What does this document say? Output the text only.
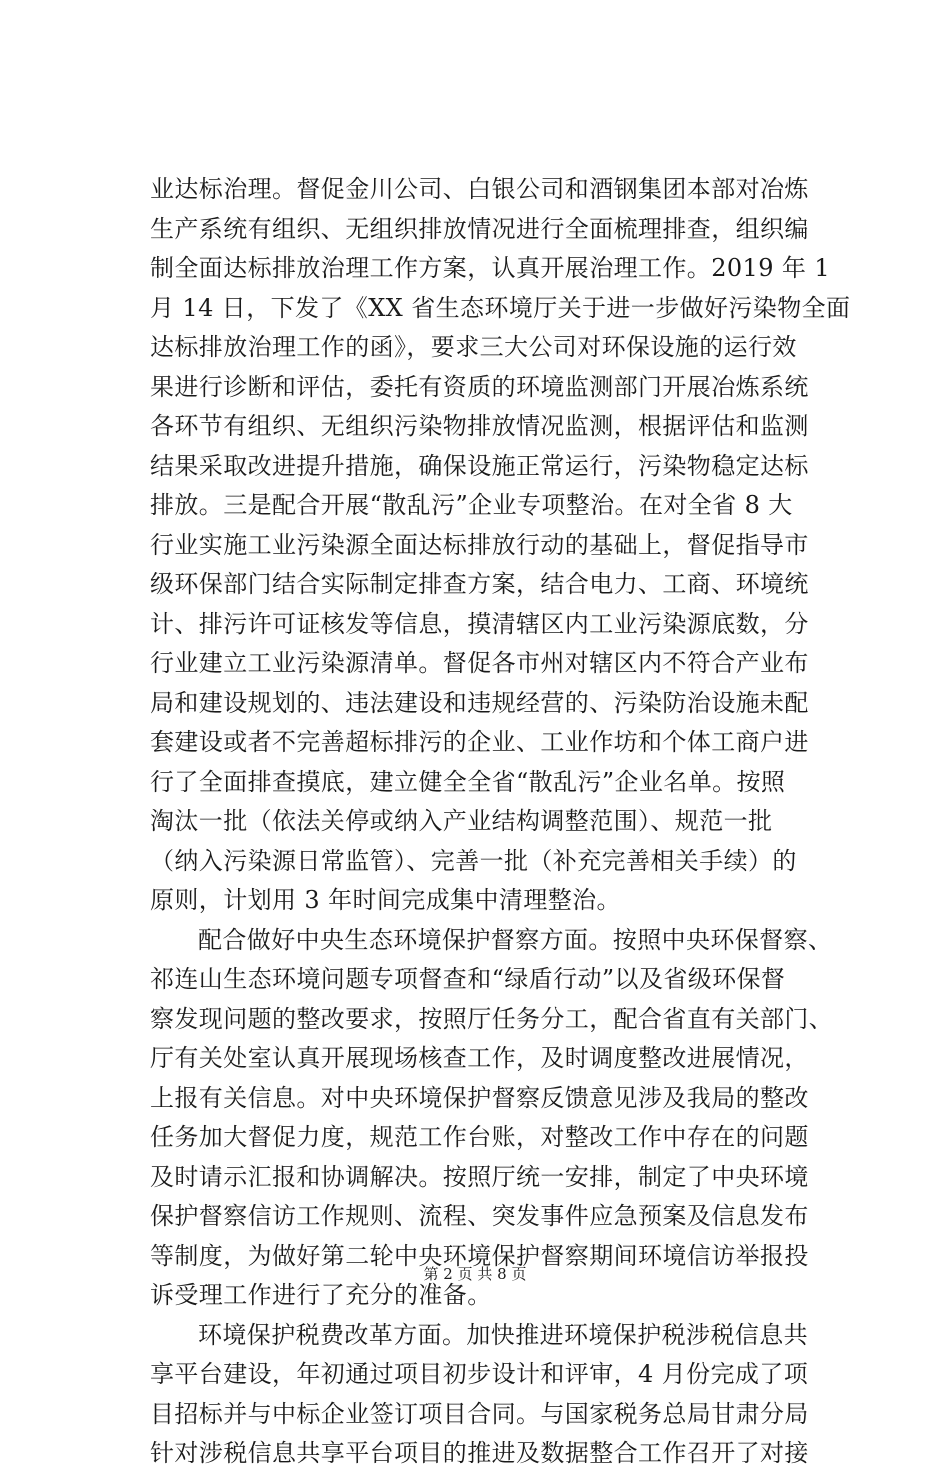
业达标治理。督促金川公司、白银公司和酒钢集团本部对冶炼
生产系统有组织、无组织排放情况进行全面梳理排查，组织编
制全面达标排放治理工作方案，认真开展治理工作。2019 年 1
月 14 日，下发了《XX 省生态环境厅关于进一步做好污染物全面
达标排放治理工作的函》，要求三大公司对环保设施的运行效
果进行诊断和评估，委托有资质的环境监测部门开展冶炼系统
各环节有组织、无组织污染物排放情况监测，根据评估和监测
结果采取改进提升措施，确保设施正常运行，污染物稳定达标
排放。三是配合开展“散乱污”企业专项整治。在对全省 8 大
行业实施工业污染源全面达标排放行动的基础上，督促指导市
级环保部门结合实际制定排查方案，结合电力、工商、环境统
计、排污许可证核发等信息，摸清辖区内工业污染源底数，分
行业建立工业污染源清单。督促各市州对辖区内不符合产业布
局和建设规划的、违法建设和违规经营的、污染防治设施未配
套建设或者不完善超标排污的企业、工业作坊和个体工商户进
行了全面排查摸底，建立健全全省“散乱污”企业名单。按照
淘汰一批（依法关停或纳入产业结构调整范围）、规范一批
（纳入污染源日常监管）、完善一批（补充完善相关手续）的
原则，计划用 3 年时间完成集中清理整治。
配合做好中央生态环境保护督察方面。按照中央环保督察、
祁连山生态环境问题专项督查和“绿盾行动”以及省级环保督
察发现问题的整改要求，按照厅任务分工，配合省直有关部门、
厅有关处室认真开展现场核查工作，及时调度整改进展情况，
上报有关信息。对中央环境保护督察反馈意见涉及我局的整改
任务加大督促力度，规范工作台账，对整改工作中存在的问题
及时请示汇报和协调解决。按照厅统一安排，制定了中央环境
保护督察信访工作规则、流程、突发事件应急预案及信息发布
等制度，为做好第二轮中央环境保护督察期间环境信访举报投
诉受理工作进行了充分的准备。
环境保护税费改革方面。加快推进环境保护税涉税信息共
享平台建设，年初通过项目初步设计和评审，4 月份完成了项
目招标并与中标企业签订项目合同。与国家税务总局甘肃分局
针对涉税信息共享平台项目的推进及数据整合工作召开了对接
第 2 页 共 8 页
